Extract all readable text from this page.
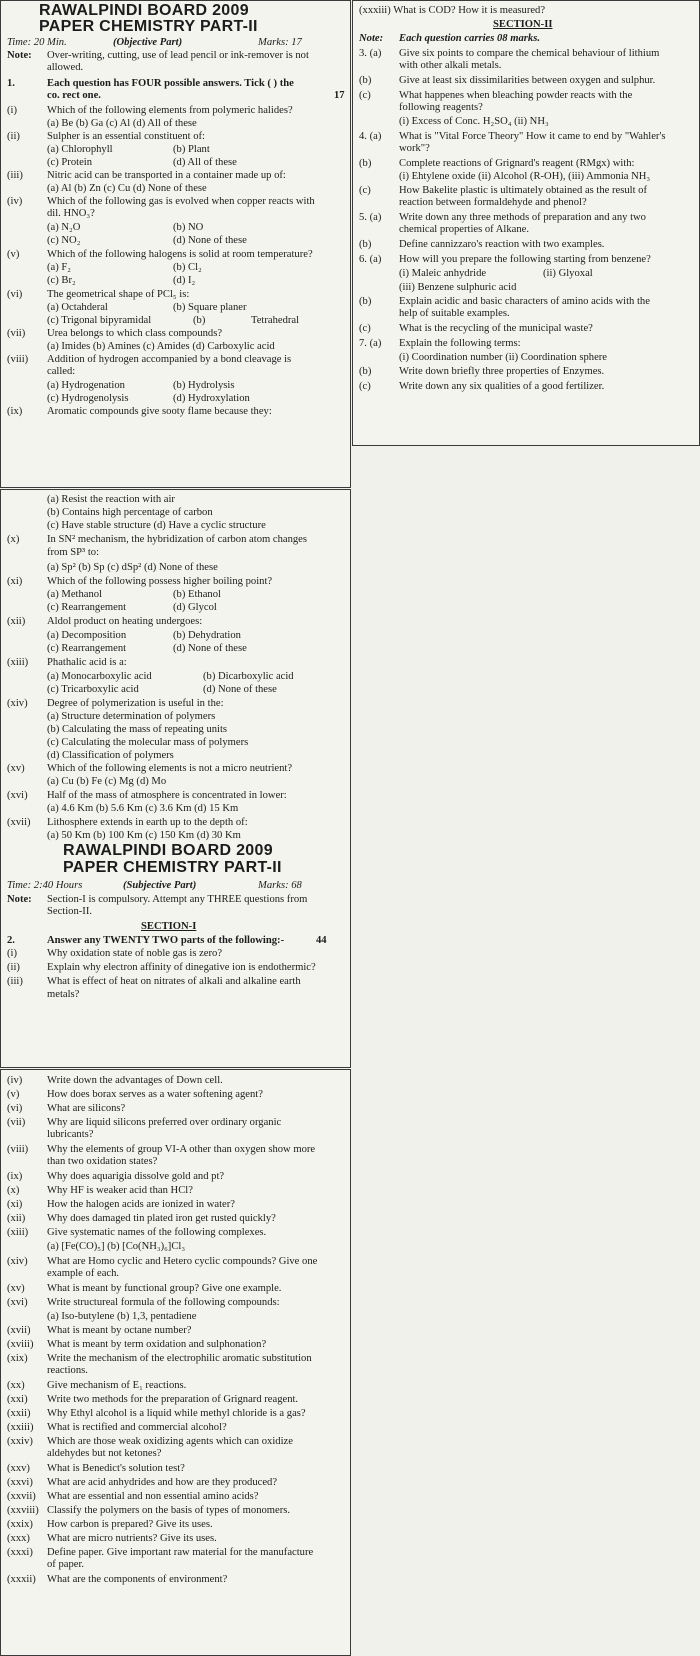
RAWALPINDI BOARD 2009
PAPER CHEMISTRY PART-II
Time: 20 Min.	(Objective Part)	Marks: 17
Note: Over-writing, cutting, use of lead pencil or ink-remover is not
allowed.
1.	Each question has FOUR possible answers. Tick ( ) the
co. rect one.	17
(i)	Which of the following elements from polymeric halides?
(a) Be (b) Ga (c) Al (d) All of these
(ii)	Sulpher is an essential constituent of:
(a) Chlorophyll	(b) Plant
(c) Protein	(d) All of these
(iii) Nitric acid can be transported in a container made up of:
(a) Al (b) Zn (c) Cu (d) None of these
(iv) Which of the following gas is evolved when copper reacts with
dil. HNO₃?
(a) N₂O	(b) NO
(c) NO₂	(d) None of these
(v)	Which of the following halogens is solid at room temperature?
(a) F₂	(b) Cl₂
(c) Br₂	(d) I₂
(vi) The geometrical shape of PCl₅ is:
(a) Octahderal	(b) Square planer
(c) Trigonal bipyramidal	(b)	Tetrahedral
(vii) Urea belongs to which class compounds?
(a) Imides (b) Amines (c) Amides (d) Carboxylic acid
(viii) Addition of hydrogen accompanied by a bond cleavage is
called:
(a) Hydrogenation	(b) Hydrolysis
(c) Hydrogenolysis	(d) Hydroxylation
(ix) Aromatic compounds give sooty flame because they:
(a) Resist the reaction with air
(b) Contains high percentage of carbon
(c) Have stable structure (d) Have a cyclic structure
(x)	In SN² mechanism, the hybridization of carbon atom changes
from SP³ to:
(a) Sp² (b) Sp (c) dSp² (d) None of these
(xi) Which of the following possess higher boiling point?
(a) Methanol	(b) Ethanol
(c) Rearrangement	(d) Glycol
(xii) Aldol product on heating undergoes:
(a) Decomposition	(b) Dehydration
(c) Rearrangement	(d) None of these
(xiii) Phathalic acid is a:
(a) Monocarboxylic acid	(b) Dicarboxylic acid
(c) Tricarboxylic acid	(d) None of these
(xiv) Degree of polymerization is useful in the:
(a) Structure determination of polymers
(b) Calculating the mass of repeating units
(c) Calculating the molecular mass of polymers
(d) Classification of polymers
(xv) Which of the following elements is not a micro neutrient?
(a) Cu (b) Fe (c) Mg (d) Mo
(xvi) Half of the mass of atmosphere is concentrated in lower:
(a) 4.6 Km (b) 5.6 Km (c) 3.6 Km (d) 15 Km
(xvii) Lithosphere extends in earth up to the depth of:
(a) 50 Km (b) 100 Km (c) 150 Km (d) 30 Km
RAWALPINDI BOARD 2009
PAPER CHEMISTRY PART-II
Time: 2:40 Hours	(Subjective Part)	Marks: 68
Note: Section-I is compulsory. Attempt any THREE questions from
Section-II.
SECTION-I
2.	Answer any TWENTY TWO parts of the following:-	44
(i)	Why oxidation state of noble gas is zero?
(ii)	Explain why electron affinity of dinegative ion is endothermic?
(iii) What is effect of heat on nitrates of alkali and alkaline earth
metals?
(iv) Write down the advantages of Down cell.
(v)	How does borax serves as a water softening agent?
(vi) What are silicons?
(vii) Why are liquid silicons preferred over ordinary organic
lubricants?
(viii) Why the elements of group VI-A other than oxygen show more
than two oxidation states?
(ix) Why does aquarigia dissolve gold and pt?
(x)	Why HF is weaker acid than HCl?
(xi) How the halogen acids are ionized in water?
(xii) Why does damaged tin plated iron get rusted quickly?
(xiii) Give systematic names of the following complexes.
(a) [Fe(CO)₅] (b) [Co(NH₃)₆]Cl₃
(xiv) What are Homo cyclic and Hetero cyclic compounds? Give one
example of each.
(xv) What is meant by functional group? Give one example.
(xvi) Write structureal formula of the following compounds:
(a) Iso-butylene (b) 1,3, pentadiene
(xvii) What is meant by octane number?
(xviii) What is meant by term oxidation and sulphonation?
(xix) Write the mechanism of the electrophilic aromatic substitution
reactions.
(xx) Give mechanism of E₁ reactions.
(xxi) Write two methods for the preparation of Grignard reagent.
(xxii) Why Ethyl alcohol is a liquid while methyl chloride is a gas?
(xxiii) What is rectified and commercial alcohol?
(xxiv) Which are those weak oxidizing agents which can oxidize
aldehydes but not ketones?
(xxv) What is Benedict's solution test?
(xxvi) What are acid anhydrides and how are they produced?
(xxvii) What are essential and non essential amino acids?
(xxviii) Classify the polymers on the basis of types of monomers.
(xxix) How carbon is prepared? Give its uses.
(xxx) What are micro nutrients? Give its uses.
(xxxi) Define paper. Give important raw material for the manufacture
of paper.
(xxxii) What are the components of environment?
(xxxiii) What is COD? How it is measured?
SECTION-II
Note: Each question carries 08 marks.
3. (a) Give six points to compare the chemical behaviour of lithium
with other alkali metals.
(b)	Give at least six dissimilarities between oxygen and sulphur.
(c)	What happenes when bleaching powder reacts with the
following reagents?
(i) Excess of Conc. H₂SO₄ (ii) NH₃
4. (a) What is "Vital Force Theory" How it came to end by "Wahler's
work"?
(b)	Complete reactions of Grignard's reagent (RMgx) with:
(i) Ehtylene oxide (ii) Alcohol (R-OH), (iii) Ammonia NH₃
(c)	How Bakelite plastic is ultimately obtained as the result of
reaction between formaldehyde and phenol?
5. (a) Write down any three methods of preparation and any two
chemical properties of Alkane.
(b)	Define cannizzaro's reaction with two examples.
6. (a) How will you prepare the following starting from benzene?
(i) Maleic anhydride	(ii) Glyoxal
(iii) Benzene sulphuric acid
(b)	Explain acidic and basic characters of amino acids with the
help of suitable examples.
(c)	What is the recycling of the municipal waste?
7. (a) Explain the following terms:
(i) Coordination number (ii) Coordination sphere
(b)	Write down briefly three properties of Enzymes.
(c)	Write down any six qualities of a good fertilizer.
